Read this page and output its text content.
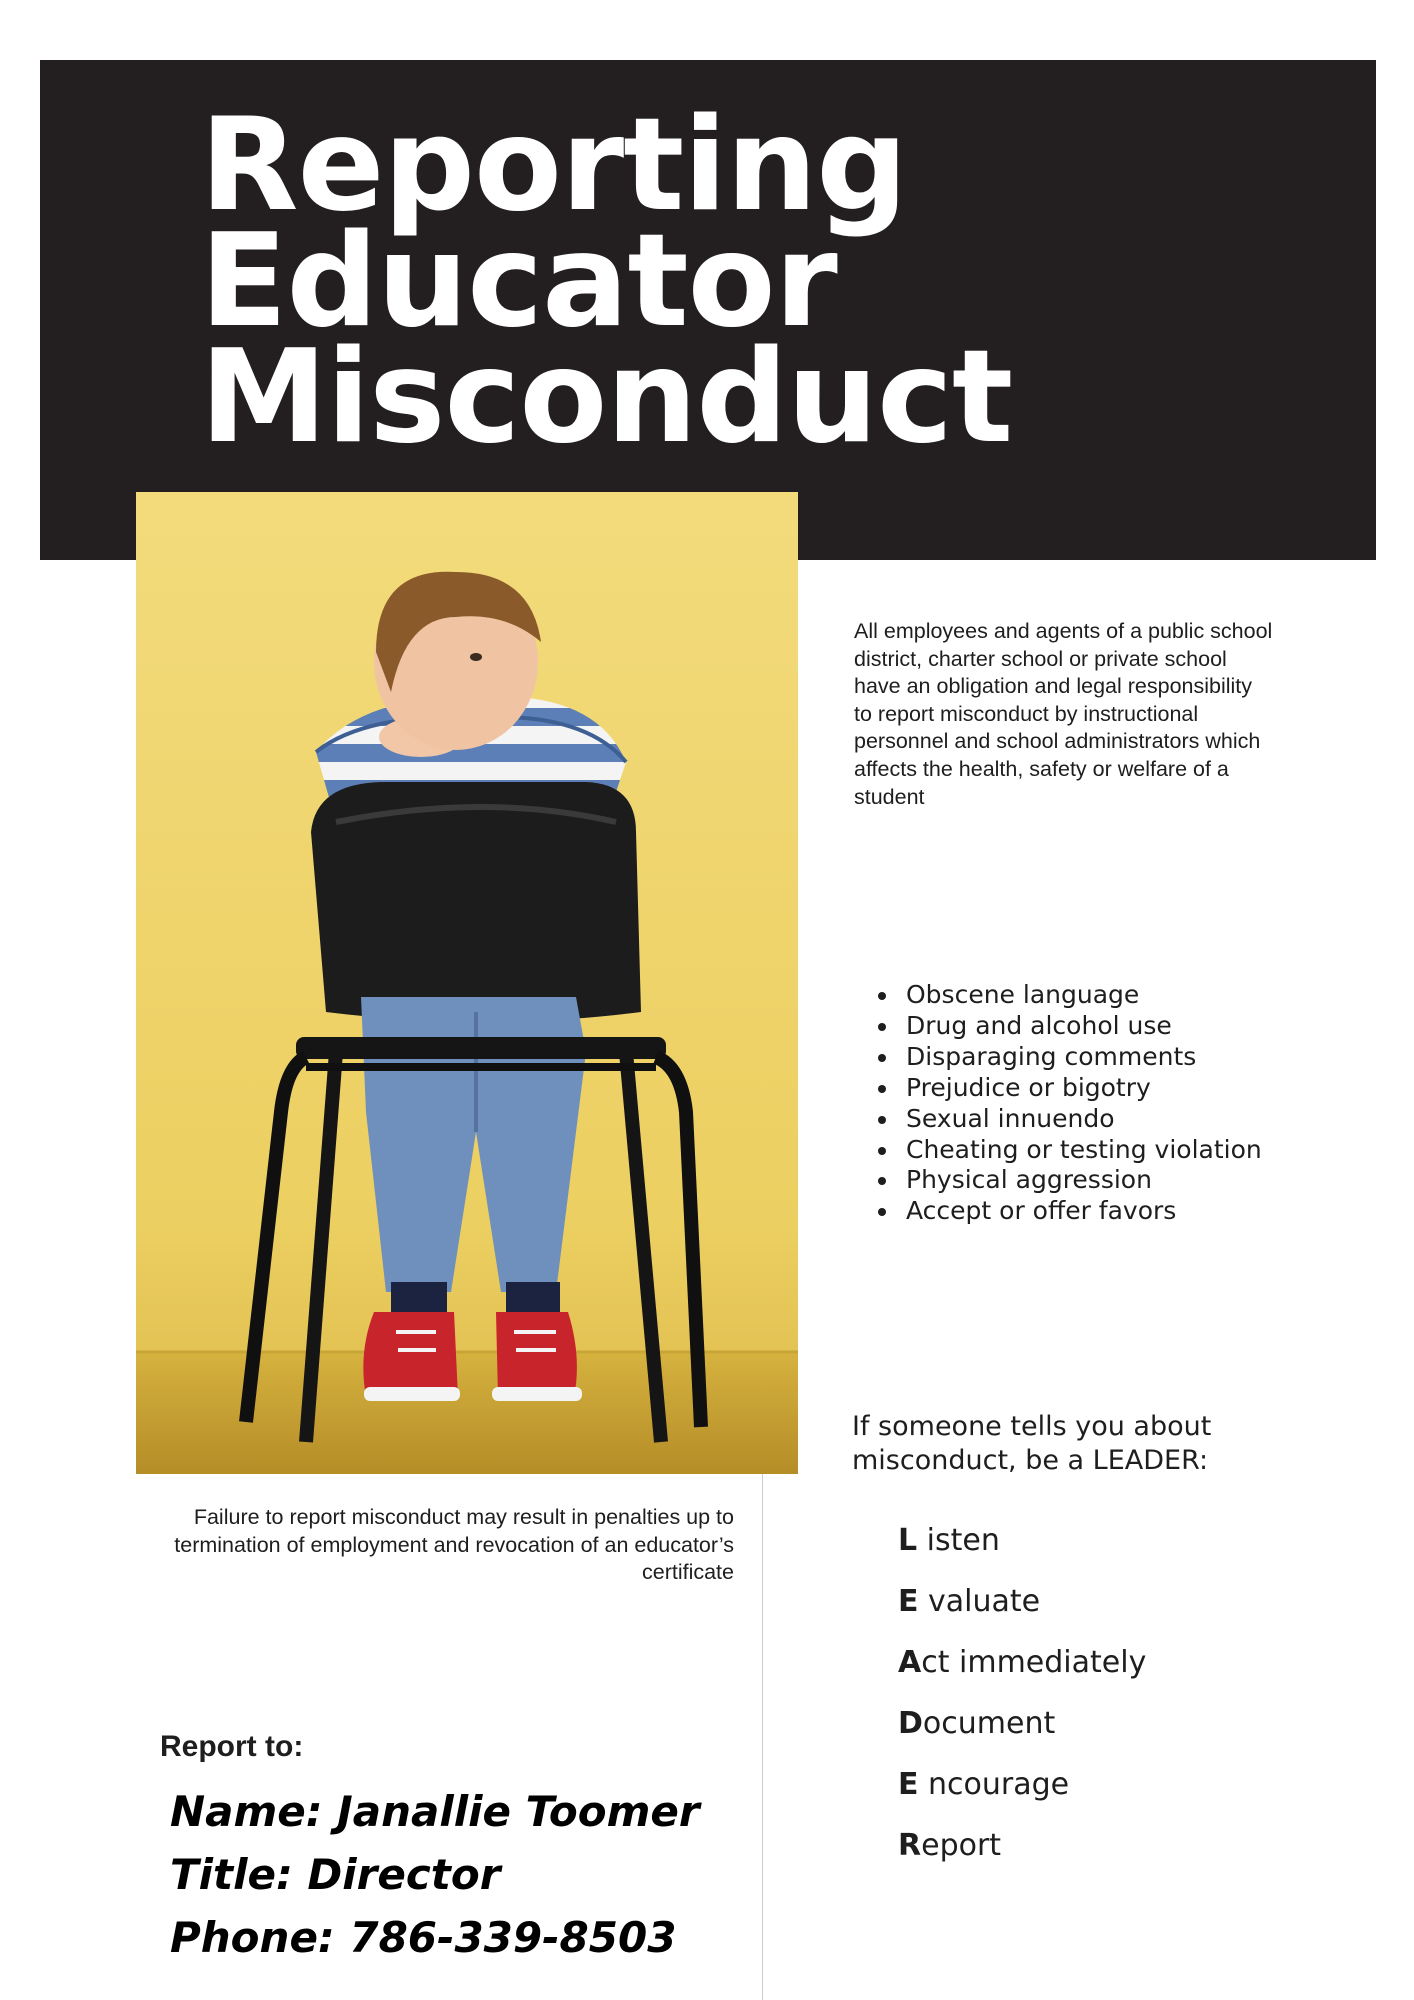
Reporting
Educator
Misconduct

All employees and agents of a public school district, charter school or private school have an obligation and legal responsibility to report misconduct by instructional personnel and school administrators which affects the health, safety or welfare of a student

• Obscene language
• Drug and alcohol use
• Disparaging comments
• Prejudice or bigotry
• Sexual innuendo
• Cheating or testing violation
• Physical aggression
• Accept or offer favors

If someone tells you about misconduct, be a LEADER:

L isten
E valuate
Act immediately
Document
E ncourage
Report

Failure to report misconduct may result in penalties up to termination of employment and revocation of an educator’s certificate

Report to:

Name: Janallie Toomer
Title: Director
Phone: 786-339-8503
